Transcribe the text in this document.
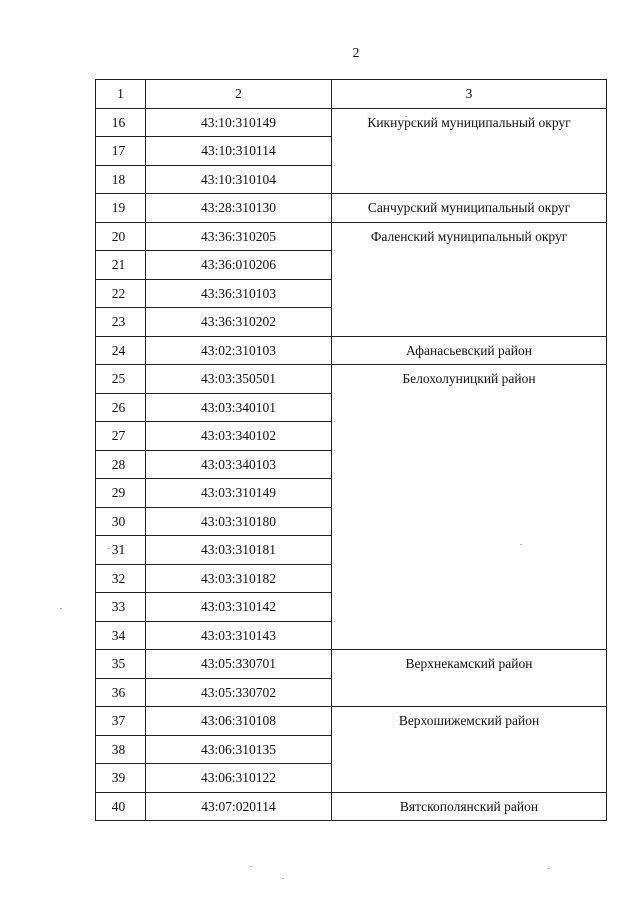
2
1	2	3
16	43:10:310149	Кикнурский муниципальный округ
17	43:10:310114	
18	43:10:310104	
19	43:28:310130	Санчурский муниципальный округ
20	43:36:310205	Фаленский муниципальный округ
21	43:36:010206	
22	43:36:310103	
23	43:36:310202	
24	43:02:310103	Афанасьевский район
25	43:03:350501	Белохолуницкий район
26	43:03:340101	
27	43:03:340102	
28	43:03:340103	
29	43:03:310149	
30	43:03:310180	
31	43:03:310181	
32	43:03:310182	
33	43:03:310142	
34	43:03:310143	
35	43:05:330701	Верхнекамский район
36	43:05:330702	
37	43:06:310108	Верхошижемский район
38	43:06:310135	
39	43:06:310122	
40	43:07:020114	Вятскополянский район
